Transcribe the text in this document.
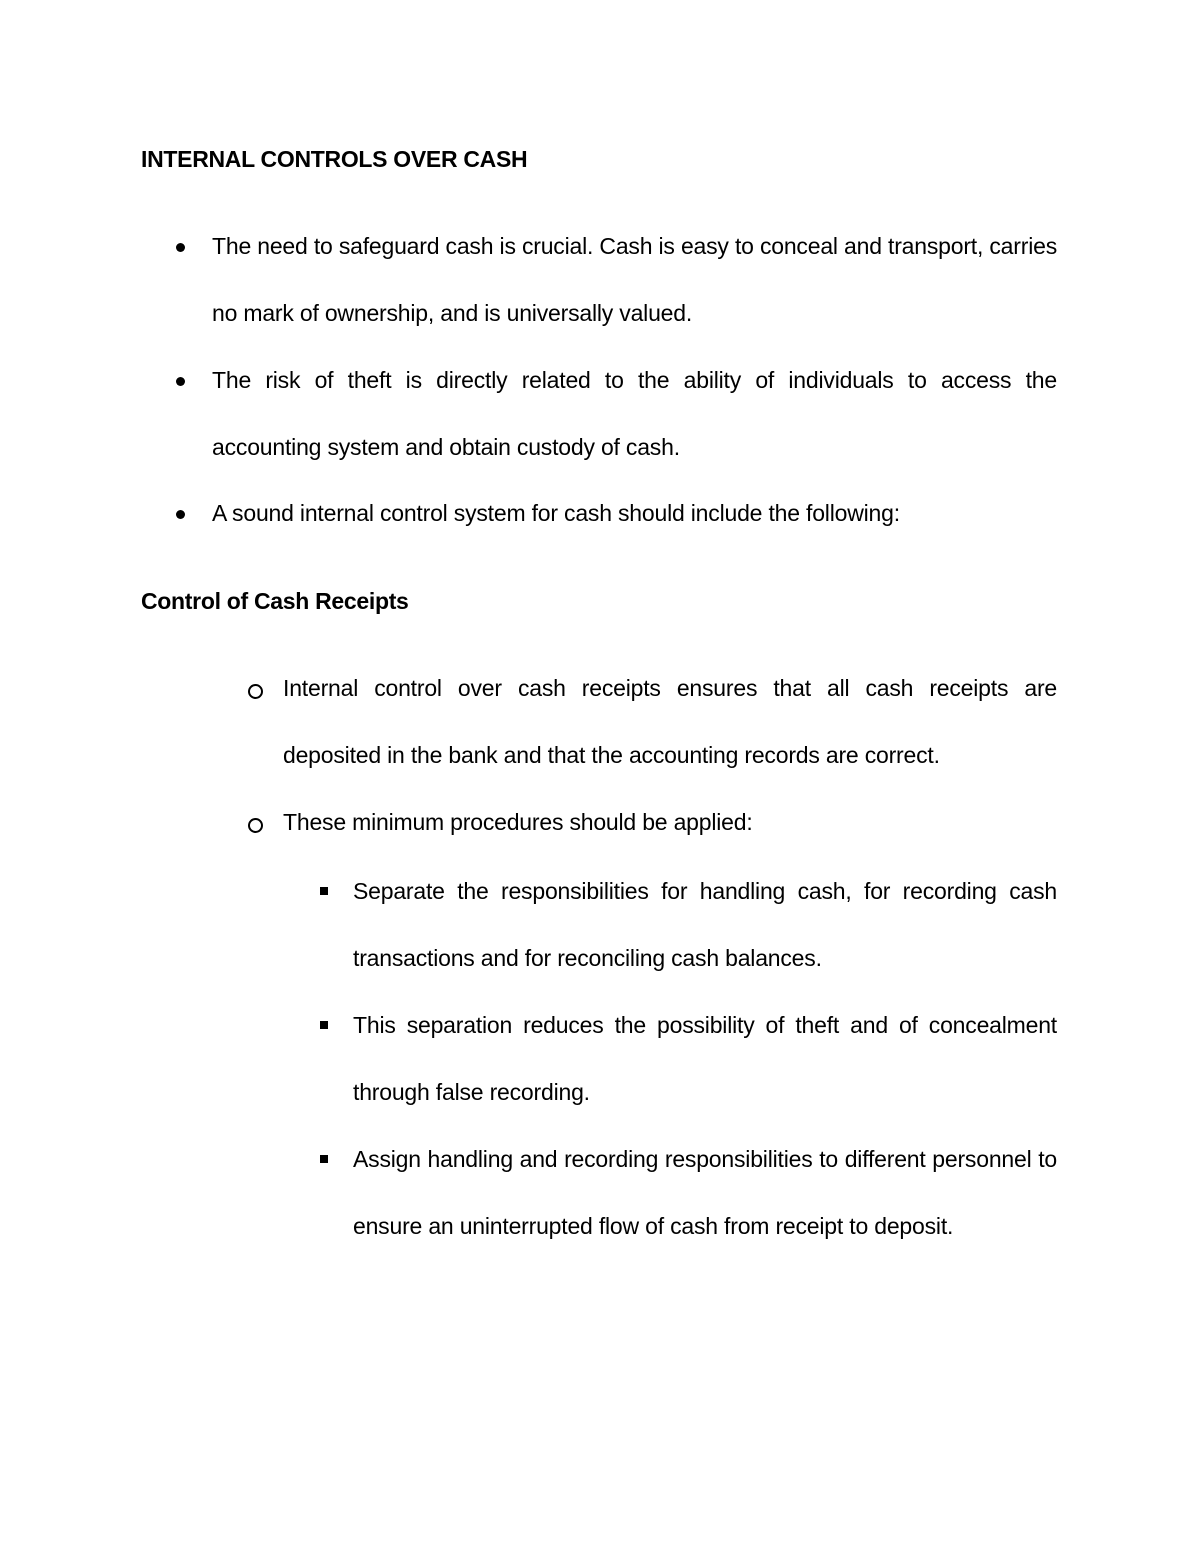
INTERNAL CONTROLS OVER CASH
The need to safeguard cash is crucial. Cash is easy to conceal and transport, carries no mark of ownership, and is universally valued.
The risk of theft is directly related to the ability of individuals to access the accounting system and obtain custody of cash.
A sound internal control system for cash should include the following:
Control of Cash Receipts
Internal control over cash receipts ensures that all cash receipts are deposited in the bank and that the accounting records are correct.
These minimum procedures should be applied:
Separate the responsibilities for handling cash, for recording cash transactions and for reconciling cash balances.
This separation reduces the possibility of theft and of concealment through false recording.
Assign handling and recording responsibilities to different personnel to ensure an uninterrupted flow of cash from receipt to deposit.
